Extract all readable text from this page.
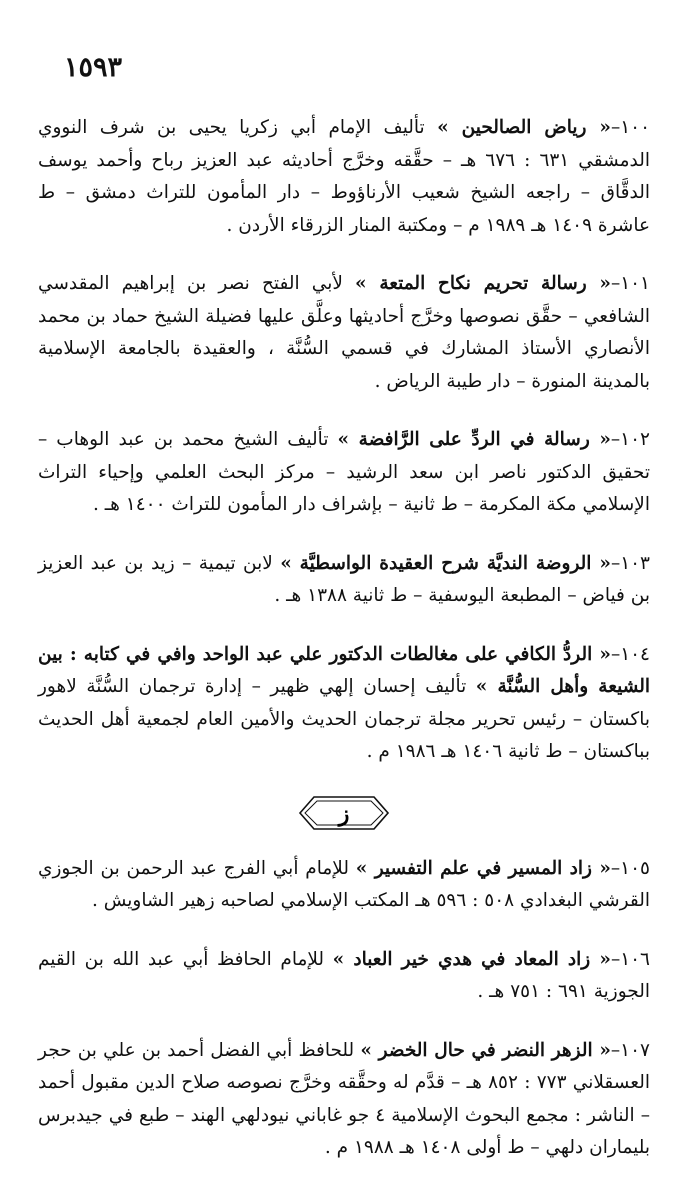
١٥٩٣

١٠٠–« رياض الصالحين » تأليف الإمام أبي زكريا يحيى بن شرف النووي الدمشقي ٦٣١ : ٦٧٦ هـ – حقَّقه وخرَّج أحاديثه عبد العزيز رباح وأحمد يوسف الدقَّاق – راجعه الشيخ شعيب الأرناؤوط – دار المأمون للتراث دمشق – ط عاشرة ١٤٠٩ هـ ١٩٨٩ م – ومكتبة المنار الزرقاء الأردن .

١٠١–« رسالة تحريم نكاح المتعة » لأبي الفتح نصر بن إبراهيم المقدسي الشافعي – حقَّق نصوصها وخرَّج أحاديثها وعلَّق عليها فضيلة الشيخ حماد بن محمد الأنصاري الأستاذ المشارك في قسمي السُّنَّة ، والعقيدة بالجامعة الإسلامية بالمدينة المنورة – دار طيبة الرياض .

١٠٢–« رسالة في الردِّ على الرَّافضة » تأليف الشيخ محمد بن عبد الوهاب – تحقيق الدكتور ناصر ابن سعد الرشيد – مركز البحث العلمي وإحياء التراث الإسلامي مكة المكرمة – ط ثانية – بإشراف دار المأمون للتراث ١٤٠٠ هـ .

١٠٣–« الروضة النديَّة شرح العقيدة الواسطيَّة » لابن تيمية – زيد بن عبد العزيز بن فياض – المطبعة اليوسفية – ط ثانية ١٣٨٨ هـ .

١٠٤–« الردُّ الكافي على مغالطات الدكتور علي عبد الواحد وافي في كتابه : بين الشيعة وأهل السُّنَّة » تأليف إحسان إلهي ظهير – إدارة ترجمان السُّنَّة لاهور باكستان – رئيس تحرير مجلة ترجمان الحديث والأمين العام لجمعية أهل الحديث بباكستان – ط ثانية ١٤٠٦ هـ ١٩٨٦ م .

ز

١٠٥–« زاد المسير في علم التفسير » للإمام أبي الفرج عبد الرحمن بن الجوزي القرشي البغدادي ٥٠٨ : ٥٩٦ هـ المكتب الإسلامي لصاحبه زهير الشاويش .

١٠٦–« زاد المعاد في هدي خير العباد » للإمام الحافظ أبي عبد الله بن القيم الجوزية ٦٩١ : ٧٥١ هـ .

١٠٧–« الزهر النضر في حال الخضر » للحافظ أبي الفضل أحمد بن علي بن حجر العسقلاني ٧٧٣ : ٨٥٢ هـ – قدَّم له وحقَّقه وخرَّج نصوصه صلاح الدين مقبول أحمد – الناشر : مجمع البحوث الإسلامية ٤ جو غاباني نيودلهي الهند – طبع في جيدبرس بليماران دلهي – ط أولى ١٤٠٨ هـ ١٩٨٨ م .
